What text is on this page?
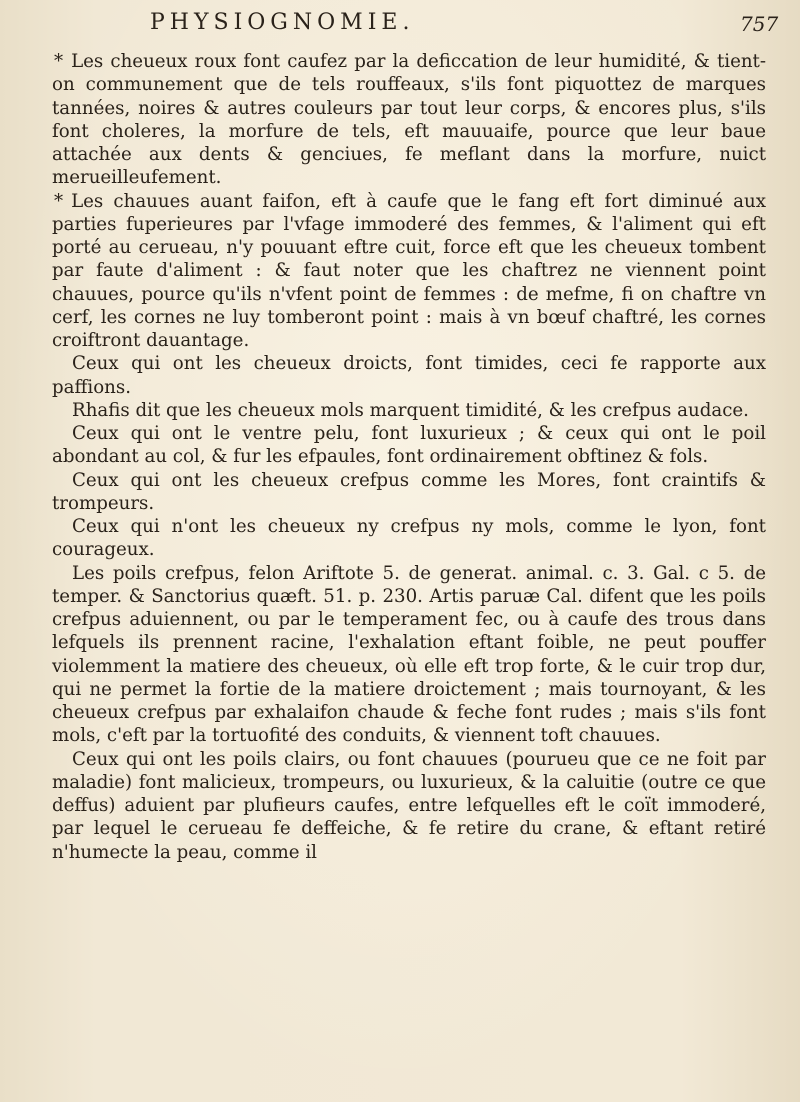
PHYSIOGNOMIE.	757

* Les cheueux roux font caufez par la deficcation de leur humidité, & tient-on communement que de tels rouffeaux, s'ils font piquottez de marques tannées, noires & autres couleurs par tout leur corps, & encores plus, s'ils font choleres, la morfure de tels, eft mauuaife, pource que leur baue attachée aux dents & genciues, fe meflant dans la morfure, nuict merueilleufement.

* Les chauues auant faifon, eft à caufe que le fang eft fort diminué aux parties fuperieures par l'vfage immoderé des femmes, & l'aliment qui eft porté au cerueau, n'y pouuant eftre cuit, force eft que les cheueux tombent par faute d'aliment : & faut noter que les chaftrez ne viennent point chauues, pource qu'ils n'vfent point de femmes : de mefme, fi on chaftre vn cerf, les cornes ne luy tomberont point : mais à vn bœuf chaftré, les cornes croiftront dauantage.

Ceux qui ont les cheueux droicts, font timides, ceci fe rapporte aux paffions.

Rhafis dit que les cheueux mols marquent timidité, & les crefpus audace.

Ceux qui ont le ventre pelu, font luxurieux ; & ceux qui ont le poil abondant au col, & fur les efpaules, font ordinairement obftinez & fols.

Ceux qui ont les cheueux crefpus comme les Mores, font craintifs & trompeurs.

Ceux qui n'ont les cheueux ny crefpus ny mols, comme le lyon, font courageux.

Les poils crefpus, felon Ariftote 5. de generat. animal. c. 3. Gal. c 5. de temper. & Sanctorius quæft. 51. p. 230. Artis paruæ Cal. difent que les poils crefpus aduiennent, ou par le temperament fec, ou à caufe des trous dans lefquels ils prennent racine, l'exhalation eftant foible, ne peut pouffer violemment la matiere des cheueux, où elle eft trop forte, & le cuir trop dur, qui ne permet la fortie de la matiere droictement ; mais tournoyant, & les cheueux crefpus par exhalaifon chaude & feche font rudes ; mais s'ils font mols, c'eft par la tortuofité des conduits, & viennent toft chauues.

Ceux qui ont les poils clairs, ou font chauues (pourueu que ce ne foit par maladie) font malicieux, trompeurs, ou luxurieux, & la caluitie (outre ce que deffus) aduient par plufieurs caufes, entre lefquelles eft le coït immoderé, par lequel le cerueau fe deffeiche, & fe retire du crane, & eftant retiré n'humecte la peau, comme il
